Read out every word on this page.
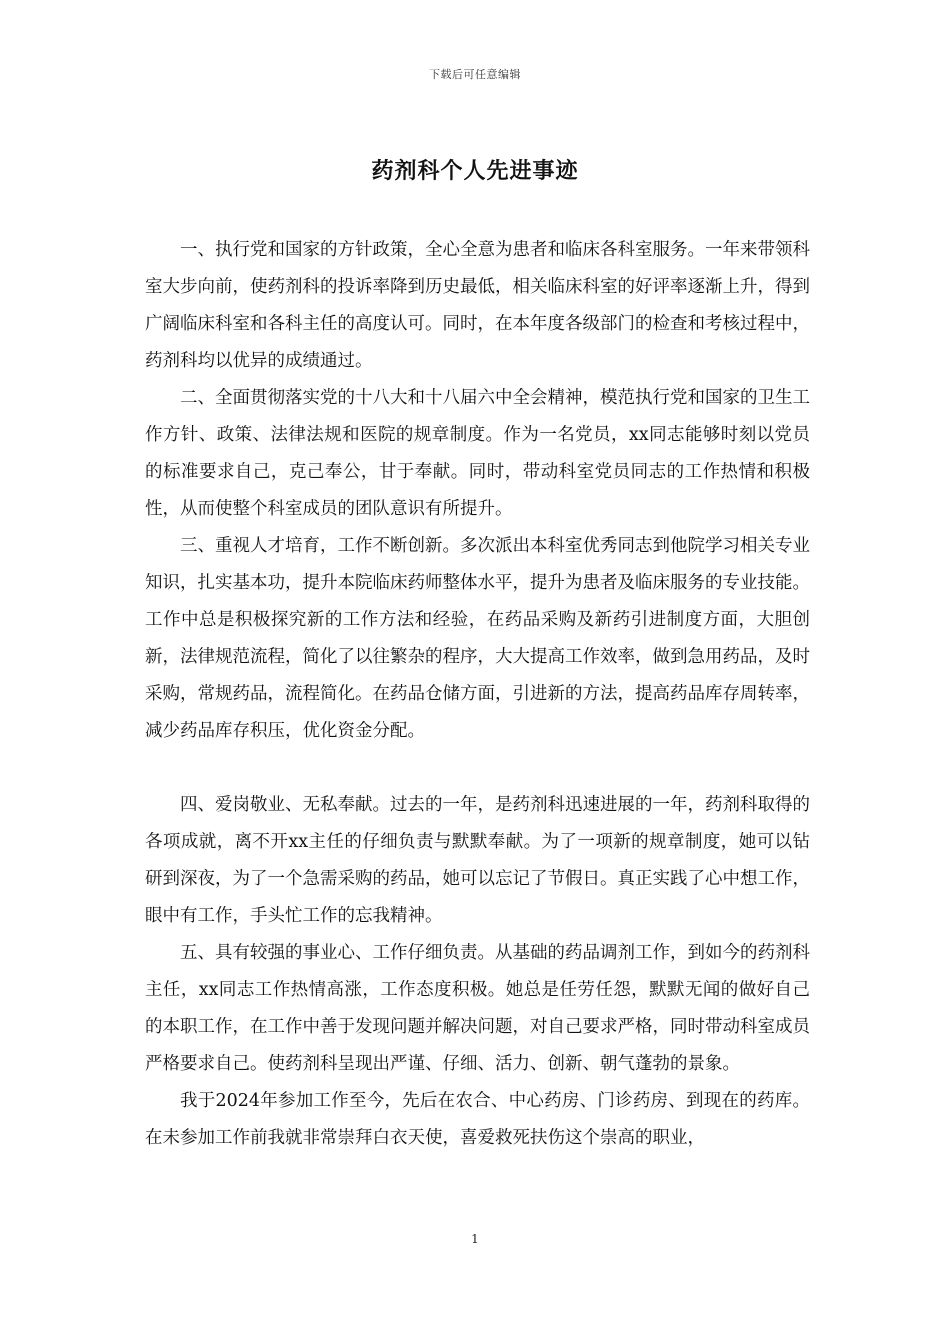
下载后可任意编辑
药剂科个人先进事迹

一、执行党和国家的方针政策，全心全意为患者和临床各科室服务。一年来带领科室大步向前，使药剂科的投诉率降到历史最低，相关临床科室的好评率逐渐上升，得到广阔临床科室和各科主任的高度认可。同时，在本年度各级部门的检查和考核过程中，药剂科均以优异的成绩通过。

二、全面贯彻落实党的十八大和十八届六中全会精神，模范执行党和国家的卫生工作方针、政策、法律法规和医院的规章制度。作为一名党员，xx同志能够时刻以党员的标准要求自己，克己奉公，甘于奉献。同时，带动科室党员同志的工作热情和积极性，从而使整个科室成员的团队意识有所提升。

三、重视人才培育，工作不断创新。多次派出本科室优秀同志到他院学习相关专业知识，扎实基本功，提升本院临床药师整体水平，提升为患者及临床服务的专业技能。工作中总是积极探究新的工作方法和经验，在药品采购及新药引进制度方面，大胆创新，法律规范流程，简化了以往繁杂的程序，大大提高工作效率，做到急用药品，及时采购，常规药品，流程简化。在药品仓储方面，引进新的方法，提高药品库存周转率，减少药品库存积压，优化资金分配。

四、爱岗敬业、无私奉献。过去的一年，是药剂科迅速进展的一年，药剂科取得的各项成就，离不开xx主任的仔细负责与默默奉献。为了一项新的规章制度，她可以钻研到深夜，为了一个急需采购的药品，她可以忘记了节假日。真正实践了心中想工作，眼中有工作，手头忙工作的忘我精神。

五、具有较强的事业心、工作仔细负责。从基础的药品调剂工作，到如今的药剂科主任，xx同志工作热情高涨，工作态度积极。她总是任劳任怨，默默无闻的做好自己的本职工作，在工作中善于发现问题并解决问题，对自己要求严格，同时带动科室成员严格要求自己。使药剂科呈现出严谨、仔细、活力、创新、朝气蓬勃的景象。

我于2024年参加工作至今，先后在农合、中心药房、门诊药房、到现在的药库。在未参加工作前我就非常崇拜白衣天使，喜爱救死扶伤这个崇高的职业，

1
